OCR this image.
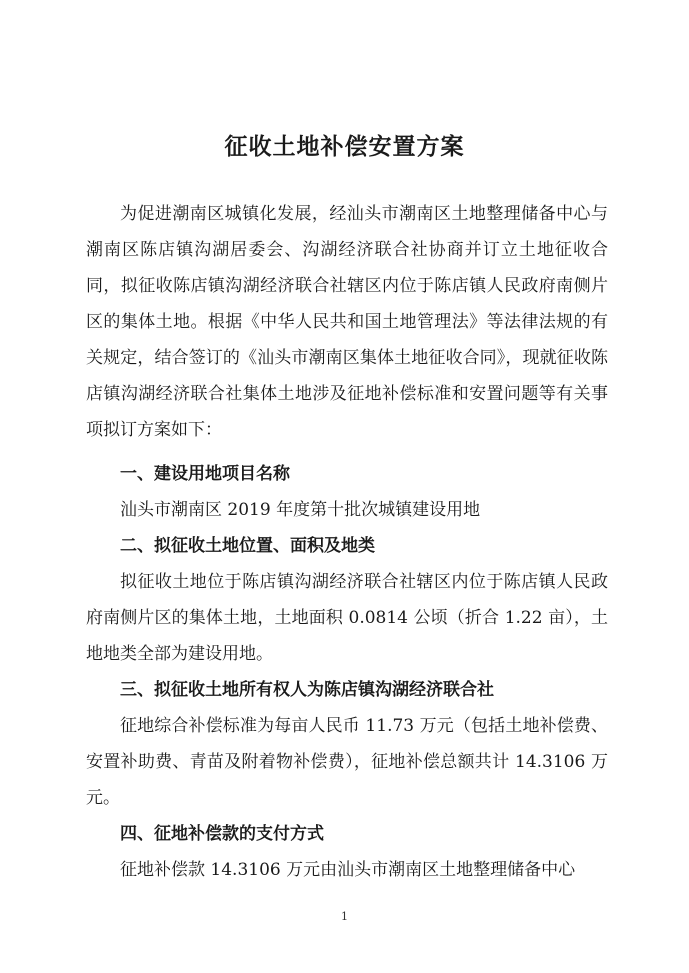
征收土地补偿安置方案
为促进潮南区城镇化发展，经汕头市潮南区土地整理储备中心与潮南区陈店镇沟湖居委会、沟湖经济联合社协商并订立土地征收合同，拟征收陈店镇沟湖经济联合社辖区内位于陈店镇人民政府南侧片区的集体土地。根据《中华人民共和国土地管理法》等法律法规的有关规定，结合签订的《汕头市潮南区集体土地征收合同》，现就征收陈店镇沟湖经济联合社集体土地涉及征地补偿标准和安置问题等有关事项拟订方案如下：
一、建设用地项目名称
汕头市潮南区 2019 年度第十批次城镇建设用地
二、拟征收土地位置、面积及地类
拟征收土地位于陈店镇沟湖经济联合社辖区内位于陈店镇人民政府南侧片区的集体土地，土地面积 0.0814 公顷（折合 1.22 亩），土地地类全部为建设用地。
三、拟征收土地所有权人为陈店镇沟湖经济联合社
征地综合补偿标准为每亩人民币 11.73 万元（包括土地补偿费、安置补助费、青苗及附着物补偿费），征地补偿总额共计 14.3106 万元。
四、征地补偿款的支付方式
征地补偿款 14.3106 万元由汕头市潮南区土地整理储备中心
1
